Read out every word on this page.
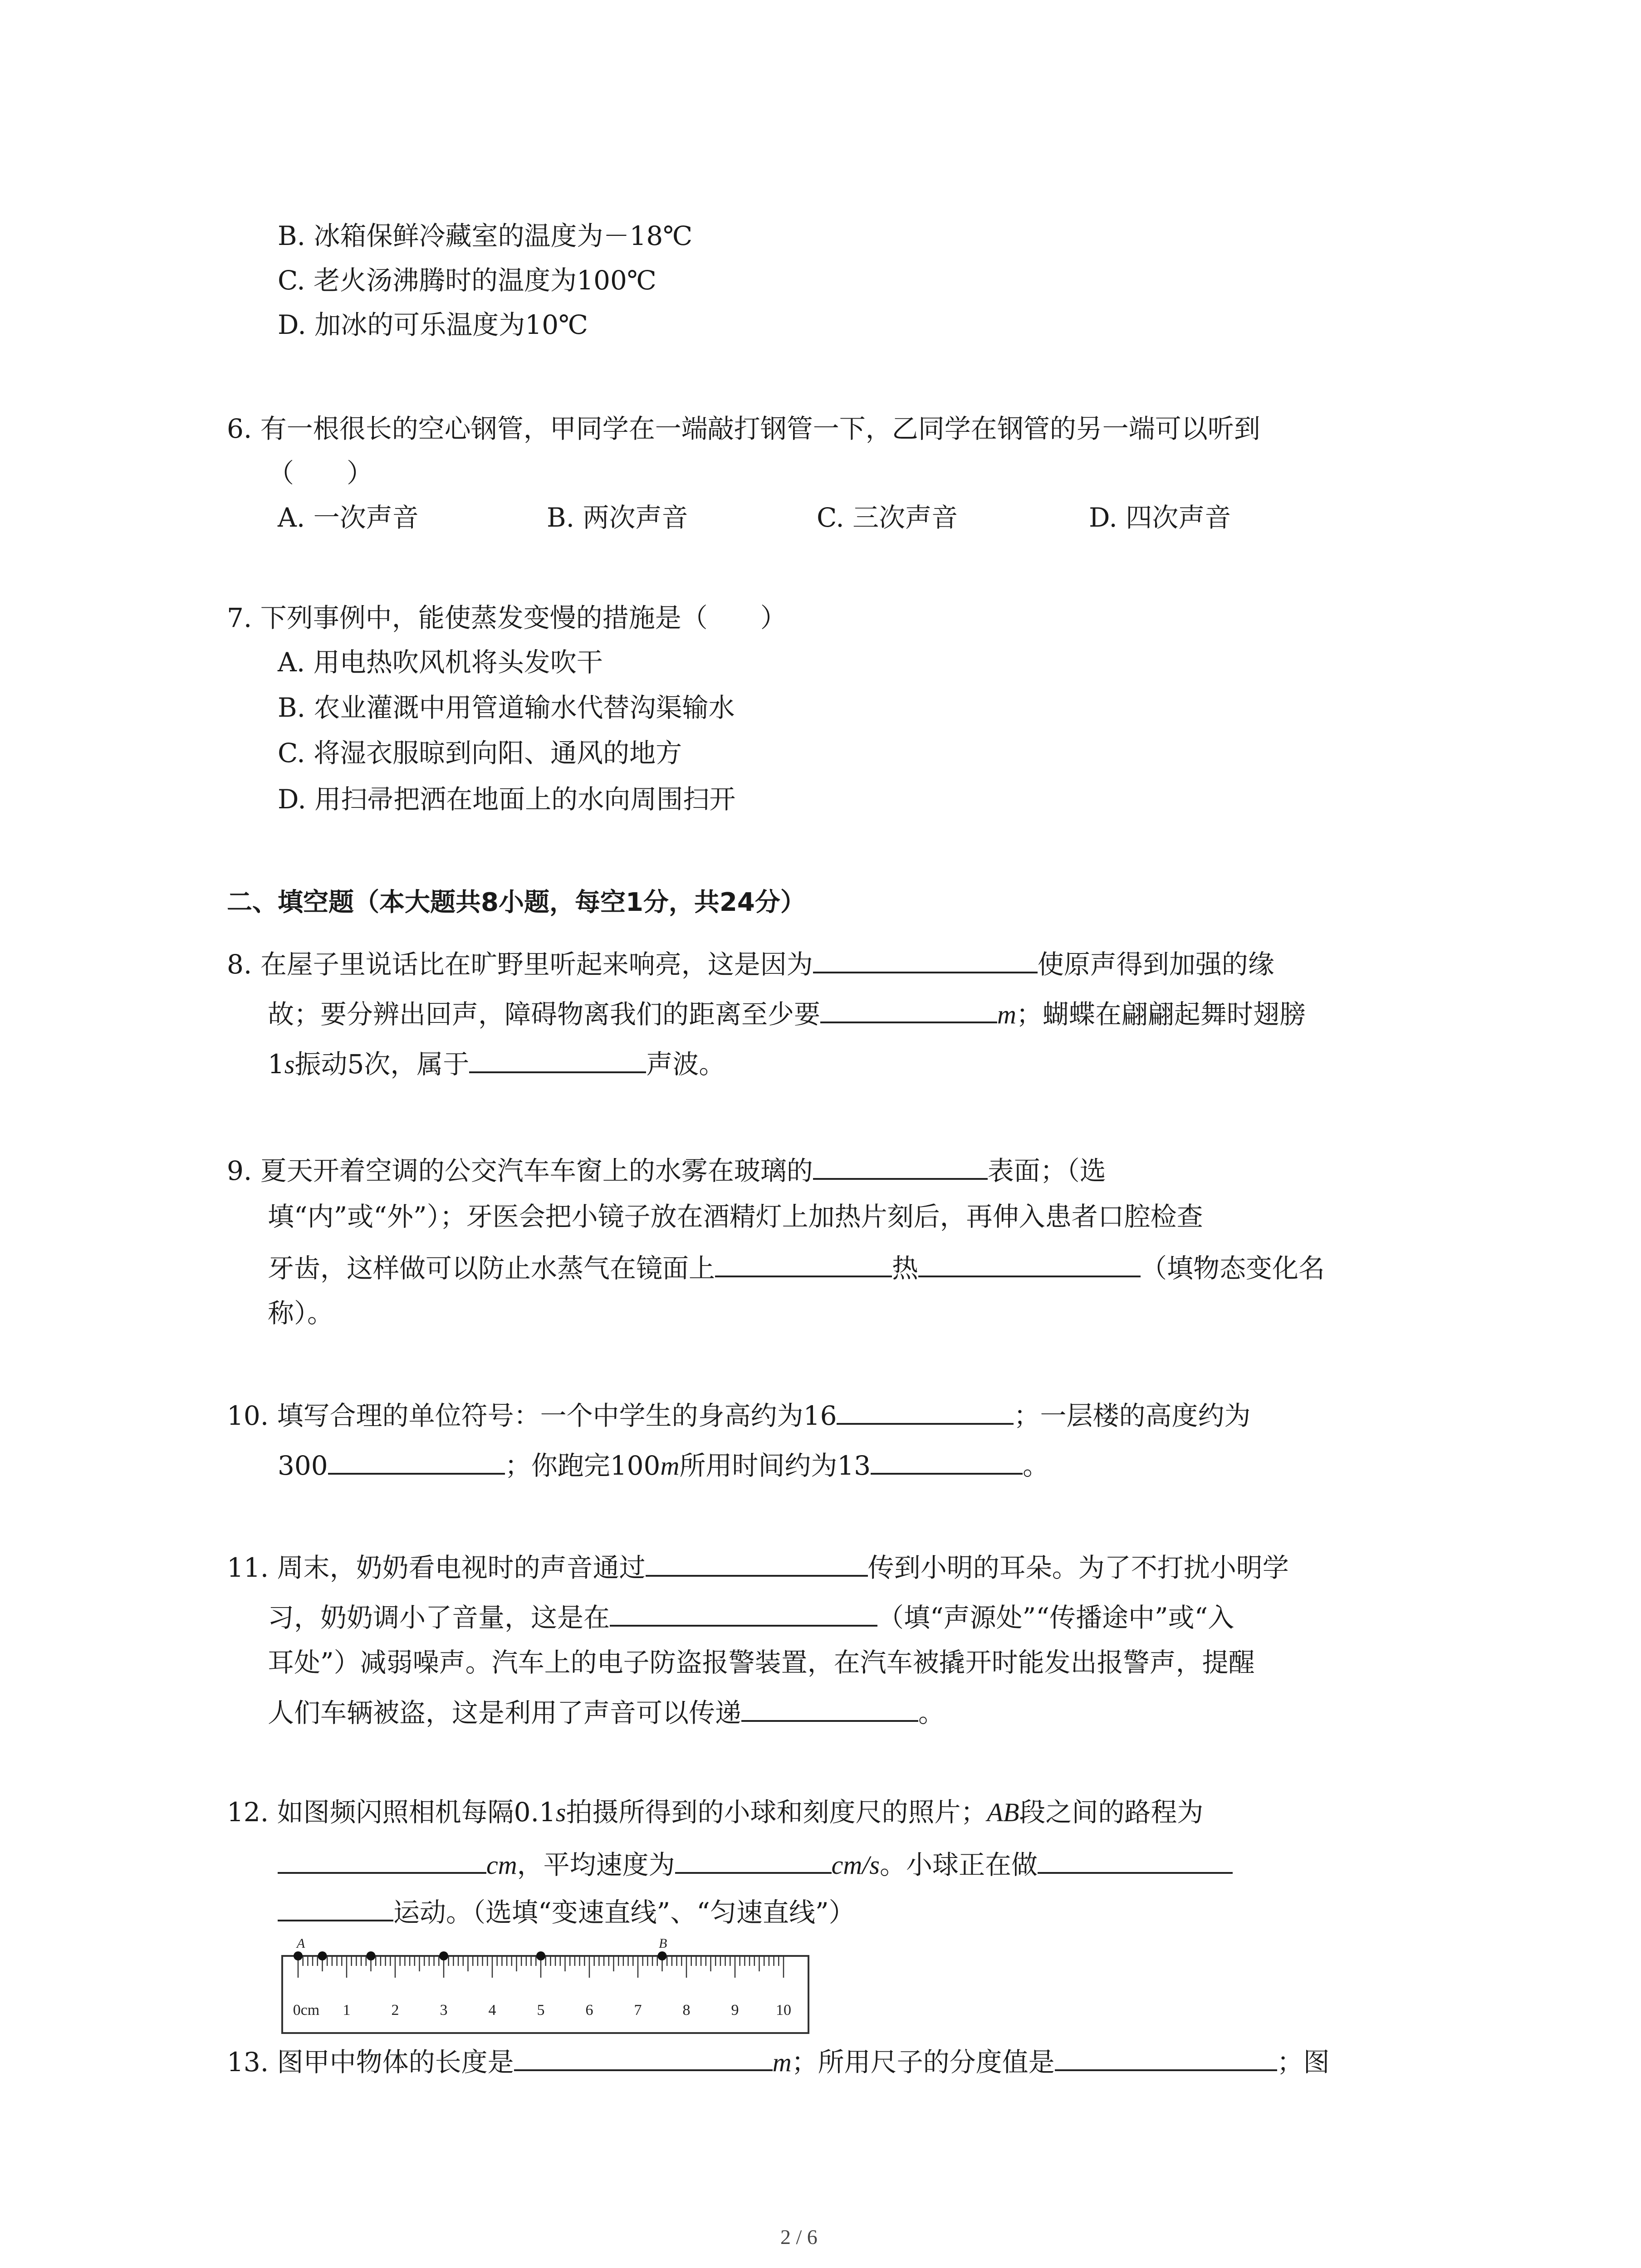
B. 冰箱保鲜冷藏室的温度为－18℃
C. 老火汤沸腾时的温度为100℃
D. 加冰的可乐温度为10℃
6. 有一根很长的空心钢管，甲同学在一端敲打钢管一下，乙同学在钢管的另一端可以听到
（　　）
A. 一次声音	B. 两次声音	C. 三次声音	D. 四次声音
7. 下列事例中，能使蒸发变慢的措施是（　　）
A. 用电热吹风机将头发吹干
B. 农业灌溉中用管道输水代替沟渠输水
C. 将湿衣服晾到向阳、通风的地方
D. 用扫帚把洒在地面上的水向周围扫开
二、填空题（本大题共8小题，每空1分，共24分）
8. 在屋子里说话比在旷野里听起来响亮，这是因为	使原声得到加强的缘
故；要分辨出回声，障碍物离我们的距离至少要	m；蝴蝶在翩翩起舞时翅膀
1s振动5次，属于	声波。
9. 夏天开着空调的公交汽车车窗上的水雾在玻璃的	表面；（选
填“内”或“外”）；牙医会把小镜子放在酒精灯上加热片刻后，再伸入患者口腔检查
牙齿，这样做可以防止水蒸气在镜面上	热	（填物态变化名
称）。
10. 填写合理的单位符号：一个中学生的身高约为16	；一层楼的高度约为
300	；你跑完100m所用时间约为13	。
11. 周末，奶奶看电视时的声音通过	传到小明的耳朵。为了不打扰小明学
习，奶奶调小了音量，这是在	（填“声源处”“传播途中”或“入
耳处”）减弱噪声。汽车上的电子防盗报警装置，在汽车被撬开时能发出报警声，提醒
人们车辆被盗，这是利用了声音可以传递	。
12. 如图频闪照相机每隔0.1s拍摄所得到的小球和刻度尺的照片；AB段之间的路程为
cm，平均速度为	cm/s。小球正在做
运动。（选填“变速直线”、“匀速直线”）
0cm 1	2	3	4	5	6	7	8	9 10
A	B
13. 图甲中物体的长度是	m；所用尺子的分度值是	；图
2 / 6
